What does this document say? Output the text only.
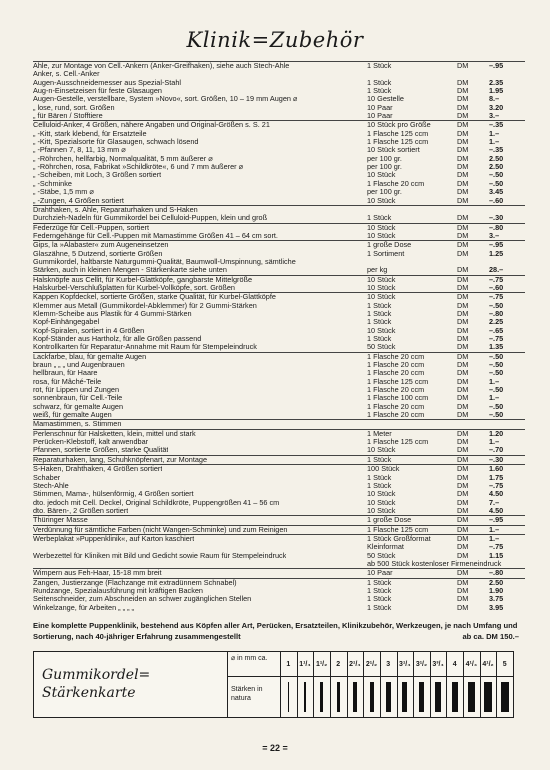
Klinik=Zubehör
Ahle, zur Montage von Cell.-Ankern (Anker-Greifhaken), siehe auch Stech-Ahle	1 Stück	DM	–.95
Anker, s. Cell.-Anker
Augen-Ausschneidemesser aus Spezial-Stahl	1 Stück	DM	2.35
Aug-n-Einsetzeisen für feste Glasaugen	1 Stück	DM	1.95
Augen-Gestelle, verstellbare, System »Novo«, sort. Größen, 10 – 19 mm Augen ⌀	10 Gestelle	DM	8.–
„ lose, rund, sort. Größen	10 Paar	DM	3.20
„ für Bären / Stofftiere	10 Paar	DM	3.–
Celluloid-Anker, 4 Größen, nähere Angaben und Original-Größen s. S. 21	10 Stück pro Größe	DM	–.35
„ -Kitt, stark klebend, für Ersatzteile	1 Flasche 125 ccm	DM	1.–
„ -Kitt, Spezialsorte für Glasaugen, schwach lösend	1 Flasche 125 ccm	DM	1.–
„ -Pfannen 7, 8, 11, 13 mm ⌀	10 Stück sortiert	DM	–.35
„ -Röhrchen, hellfarbig, Normalqualität, 5 mm äußerer ⌀	per 100 gr.	DM	2.50
„ -Röhrchen, rosa, Fabrikat »Schildkröte«, 6 und 7 mm äußerer ⌀	per 100 gr.	DM	2.50
„ -Scheiben, mit Loch, 3 Größen sortiert	10 Stück	DM	–.50
„ -Schminke	1 Flasche 20 ccm	DM	–.50
„ -Stäbe, 1,5 mm ⌀	per 100 gr.	DM	3.45
„ -Zungen, 4 Größen sortiert	10 Stück	DM	–.60
Drahthaken, s. Ahle, Reparaturhaken und S-Haken
Durchzieh-Nadeln für Gummikordel bei Celluloid-Puppen, klein und groß	1 Stück	DM	–.30
Federzüge für Cell.-Puppen, sortiert	10 Stück	DM	–.80
Federngehänge für Cell.-Puppen mit Mamastimme Größen 41 – 64 cm sort.	10 Stück	DM	3.–
Gips, la »Alabaster« zum Augeneinsetzen	1 große Dose	DM	–.95
Glaszähne, 5 Dutzend, sortierte Größen	1 Sortiment	DM	1.25
Gummikordel, haltbarste Naturgummi-Qualität, Baumwoll-Umspinnung, sämtliche
Stärken, auch in kleinen Mengen - Stärkenkarte siehe unten	per kg	DM	28.–
Halsknöpfe aus Cellit, für Kurbel-Glattköpfe, gangbarste Mittelgröße	10 Stück	DM	–.75
Halskurbel-Verschlußplatten für Kurbel-Vollköpfe, sort. Größen	10 Stück	DM	–.60
Kappen Kopfdeckel, sortierte Größen, starke Qualität, für Kurbel-Glattköpfe	10 Stück	DM	–.75
Klemmer aus Metall (Gummikordel-Abklemmer) für 2 Gummi-Stärken	1 Stück	DM	–.50
Klemm-Scheibe aus Plastik für 4 Gummi-Stärken	1 Stück	DM	–.80
Kopf-Einhängegabel	1 Stück	DM	2.25
Kopf-Spiralen, sortiert in 4 Größen	10 Stück	DM	–.65
Kopf-Ständer aus Hartholz, für alle Größen passend	1 Stück	DM	–.75
Kontrollkarten für Reparatur-Annahme mit Raum für Stempeleindruck	50 Stück	DM	1.35
Lackfarbe, blau, für gemalte Augen	1 Flasche 20 ccm	DM	–.50
braun „ „ „ und Augenbrauen	1 Flasche 20 ccm	DM	–.50
hellbraun, für Haare	1 Flasche 20 ccm	DM	–.50
rosa, für Mâché-Teile	1 Flasche 125 ccm	DM	1.–
rot, für Lippen und Zungen	1 Flasche 20 ccm	DM	–.50
sonnenbraun, für Cell.-Teile	1 Flasche 100 ccm	DM	1.–
schwarz, für gemalte Augen	1 Flasche 20 ccm	DM	–.50
weiß, für gemalte Augen	1 Flasche 20 ccm	DM	–.50
Mamastimmen, s. Stimmen
Perlenschnur für Halsketten, klein, mittel und stark	1 Meter	DM	1.20
Perücken-Klebstoff, kalt anwendbar	1 Flasche 125 ccm	DM	1.–
Pfannen, sortierte Größen, starke Qualität	10 Stück	DM	–.70
Reparaturhaken, lang, Schuhknöpfenart, zur Montage	1 Stück	DM	–.30
S-Haken, Drahthaken, 4 Größen sortiert	100 Stück	DM	1.60
Schaber	1 Stück	DM	1.75
Stech-Ahle	1 Stück	DM	–.75
Stimmen, Mama-, hülsenförmig, 4 Größen sortiert	10 Stück	DM	4.50
dto. jedoch mit Cell. Deckel, Original Schildkröte, Puppengrößen 41 – 56 cm	10 Stück	DM	7.–
dto. Bären-, 2 Größen sortiert	10 Stück	DM	4.50
Thüringer Masse	1 große Dose	DM	–.95
Verdünnung für sämtliche Farben (nicht Wangen-Schminke) und zum Reinigen	1 Flasche 125 ccm	DM	1.–
Werbeplakat »Puppenklinik«, auf Karton kaschiert	1 Stück Großformat	DM	1.–
Kleinformat	DM	–.75
Werbezettel für Kliniken mit Bild und Gedicht sowie Raum für Stempeleindruck	50 Stück	DM	1.15
ab 500 Stück kostenloser Firmeneindruck
Wimpern aus Feh-Haar, 15-18 mm breit	10 Paar	DM	–.80
Zangen, Justierzange (Flachzange mit extradünnem Schnabel)	1 Stück	DM	2.50
Rundzange, Spezialausführung mit kräftigen Backen	1 Stück	DM	1.90
Seitenschneider, zum Abschneiden an schwer zugänglichen Stellen	1 Stück	DM	3.75
Winkelzange, für Arbeiten „ „ „ „	1 Stück	DM	3.95
Eine komplette Puppenklinik, bestehend aus Köpfen aller Art, Perücken, Ersatzteilen, Klinikzubehör, Werkzeugen, je nach Umfang und Sortierung, nach 40-jähriger Erfahrung zusammengestellt	ab ca. DM 150.–
Gummikordel=
Stärkenkarte
⌀ in mm ca.
Stärken in natura
1	1¹/₄ 1¹/₂	2	2¹/₄ 2¹/₂	3	3¹/₄ 3¹/₂ 3³/₄	4	4¹/₄ 4¹/₂	5
= 22 =
